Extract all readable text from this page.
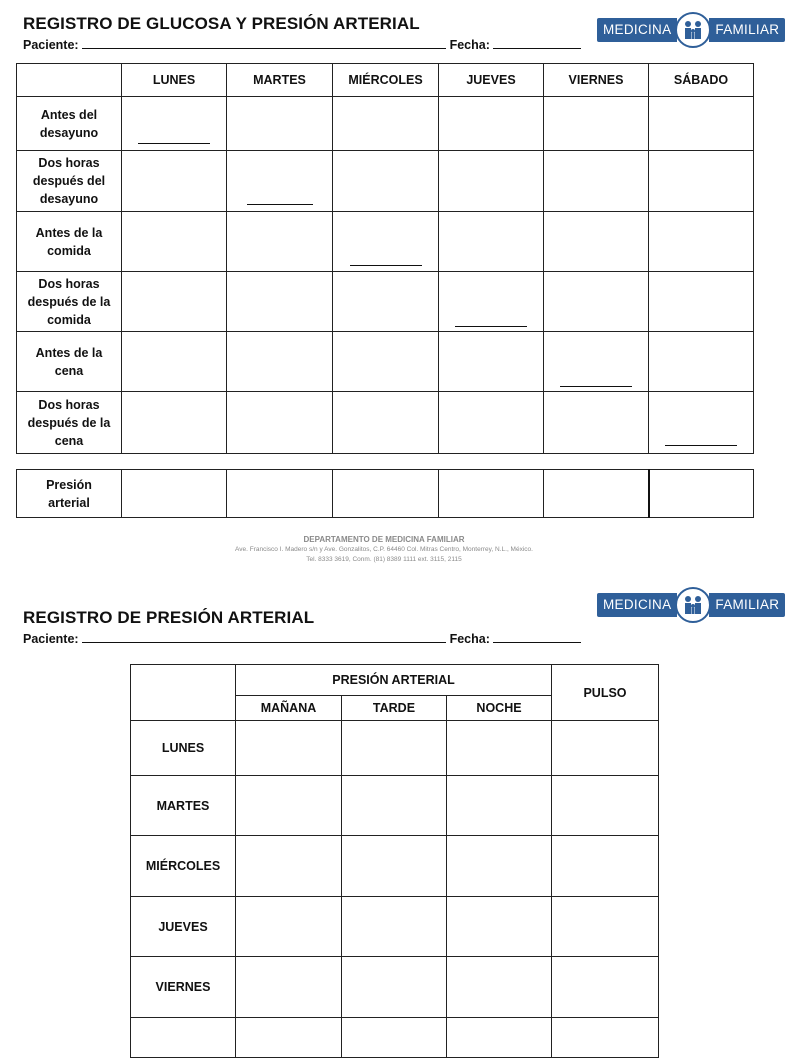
REGISTRO DE GLUCOSA Y PRESIÓN ARTERIAL
Paciente:	Fecha:
MEDICINA	FAMILIAR
	LUNES	MARTES	MIÉRCOLES	JUEVES	VIERNES	SÁBADO
Antes del desayuno	

Dos horas después del desayuno		

Antes de la comida			

Dos horas después de la comida				

Antes de la cena					

Dos horas después de la cena						
Presión arterial						
DEPARTAMENTO DE MEDICINA FAMILIAR
Ave. Francisco I. Madero s/n y Ave. Gonzalitos, C.P. 64460 Col. Mitras Centro, Monterrey, N.L., México.
Tel. 8333 3619, Conm. (81) 8389 1111 ext. 3115, 2115
REGISTRO DE PRESIÓN ARTERIAL
Paciente:	Fecha:
MEDICINA	FAMILIAR
	PRESIÓN ARTERIAL			PULSO
	MAÑANA	TARDE	NOCHE	
LUNES				
MARTES				
MIÉRCOLES				
JUEVES				
VIERNES				
